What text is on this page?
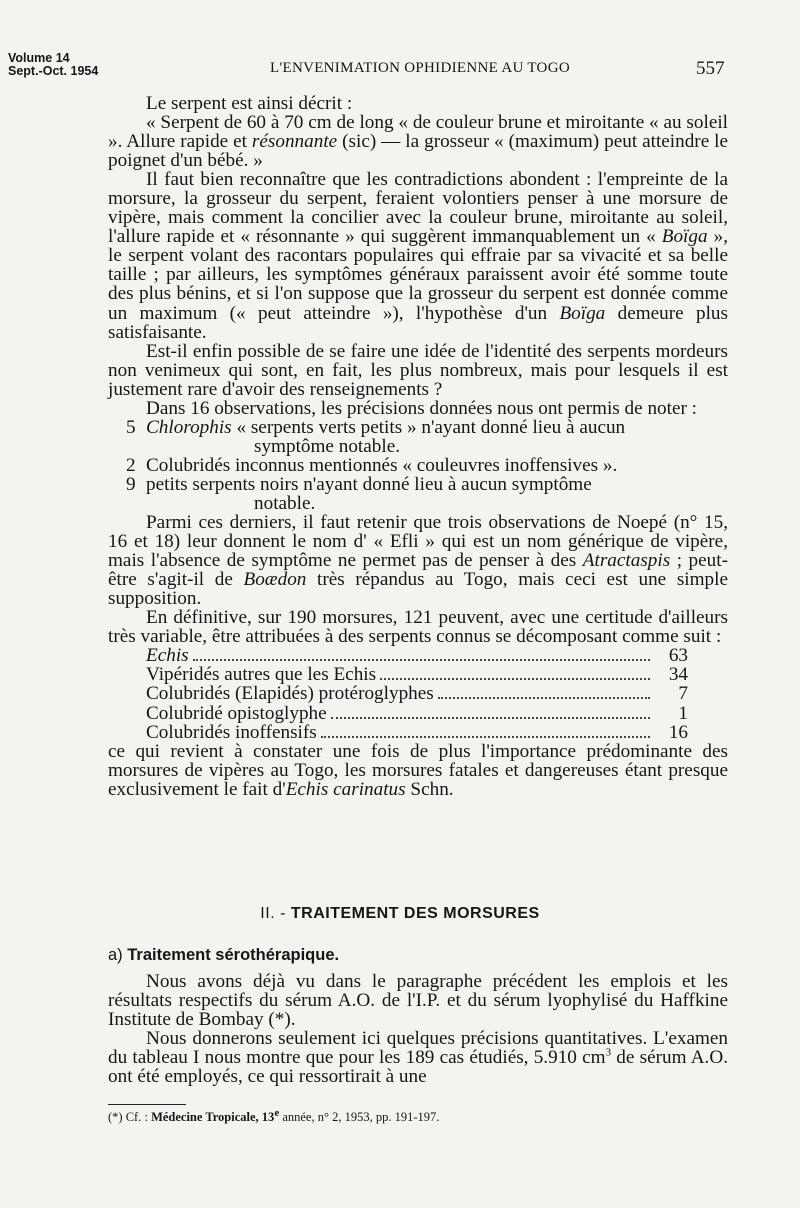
Volume 14
Sept.-Oct. 1954	L'ENVENIMATION OPHIDIENNE AU TOGO	557

Le serpent est ainsi décrit :

« Serpent de 60 à 70 cm de long « de couleur brune et miroitante « au soleil ». Allure rapide et résonnante (sic) — la grosseur « (maximum) peut atteindre le poignet d'un bébé. »

Il faut bien reconnaître que les contradictions abondent : l'empreinte de la morsure, la grosseur du serpent, feraient volontiers penser à une morsure de vipère, mais comment la concilier avec la couleur brune, miroitante au soleil, l'allure rapide et « résonnante » qui suggèrent immanquablement un « Boïga », le serpent volant des racontars populaires qui effraie par sa vivacité et sa belle taille ; par ailleurs, les symptômes généraux paraissent avoir été somme toute des plus bénins, et si l'on suppose que la grosseur du serpent est donnée comme un maximum (« peut atteindre »), l'hypothèse d'un Boïga demeure plus satisfaisante.

Est-il enfin possible de se faire une idée de l'identité des serpents mordeurs non venimeux qui sont, en fait, les plus nombreux, mais pour lesquels il est justement rare d'avoir des renseignements ?

Dans 16 observations, les précisions données nous ont permis de noter :

5 Chlorophis « serpents verts petits » n'ayant donné lieu à aucun
symptôme notable.
2 Colubridés inconnus mentionnés « couleuvres inoffensives ».
9 petits serpents noirs n'ayant donné lieu à aucun symptôme
notable.

Parmi ces derniers, il faut retenir que trois observations de Noepé (n° 15, 16 et 18) leur donnent le nom d' « Efli » qui est un nom générique de vipère, mais l'absence de symptôme ne permet pas de penser à des Atractaspis ; peut-être s'agit-il de Boædon très répandus au Togo, mais ceci est une simple supposition.

En définitive, sur 190 morsures, 121 peuvent, avec une certitude d'ailleurs très variable, être attribuées à des serpents connus se décomposant comme suit :

Echis	63
Vipéridés autres que les Echis	34
Colubridés (Elapidés) protéroglyphes	7
Colubridé opistoglyphe	1
Colubridés inoffensifs	16

ce qui revient à constater une fois de plus l'importance prédominante des morsures de vipères au Togo, les morsures fatales et dangereuses étant presque exclusivement le fait d'Echis carinatus Schn.

II. - TRAITEMENT DES MORSURES
a) Traitement sérothérapique.

Nous avons déjà vu dans le paragraphe précédent les emplois et les résultats respectifs du sérum A.O. de l'I.P. et du sérum lyophylisé du Haffkine Institute de Bombay (*).

Nous donnerons seulement ici quelques précisions quantitatives. L'examen du tableau I nous montre que pour les 189 cas étudiés, 5.910 $cm^3$ de sérum A.O. ont été employés, ce qui ressortirait à une

(*) Cf. : Médecine Tropicale, 13e année, n° 2, 1953, pp. 191-197.
